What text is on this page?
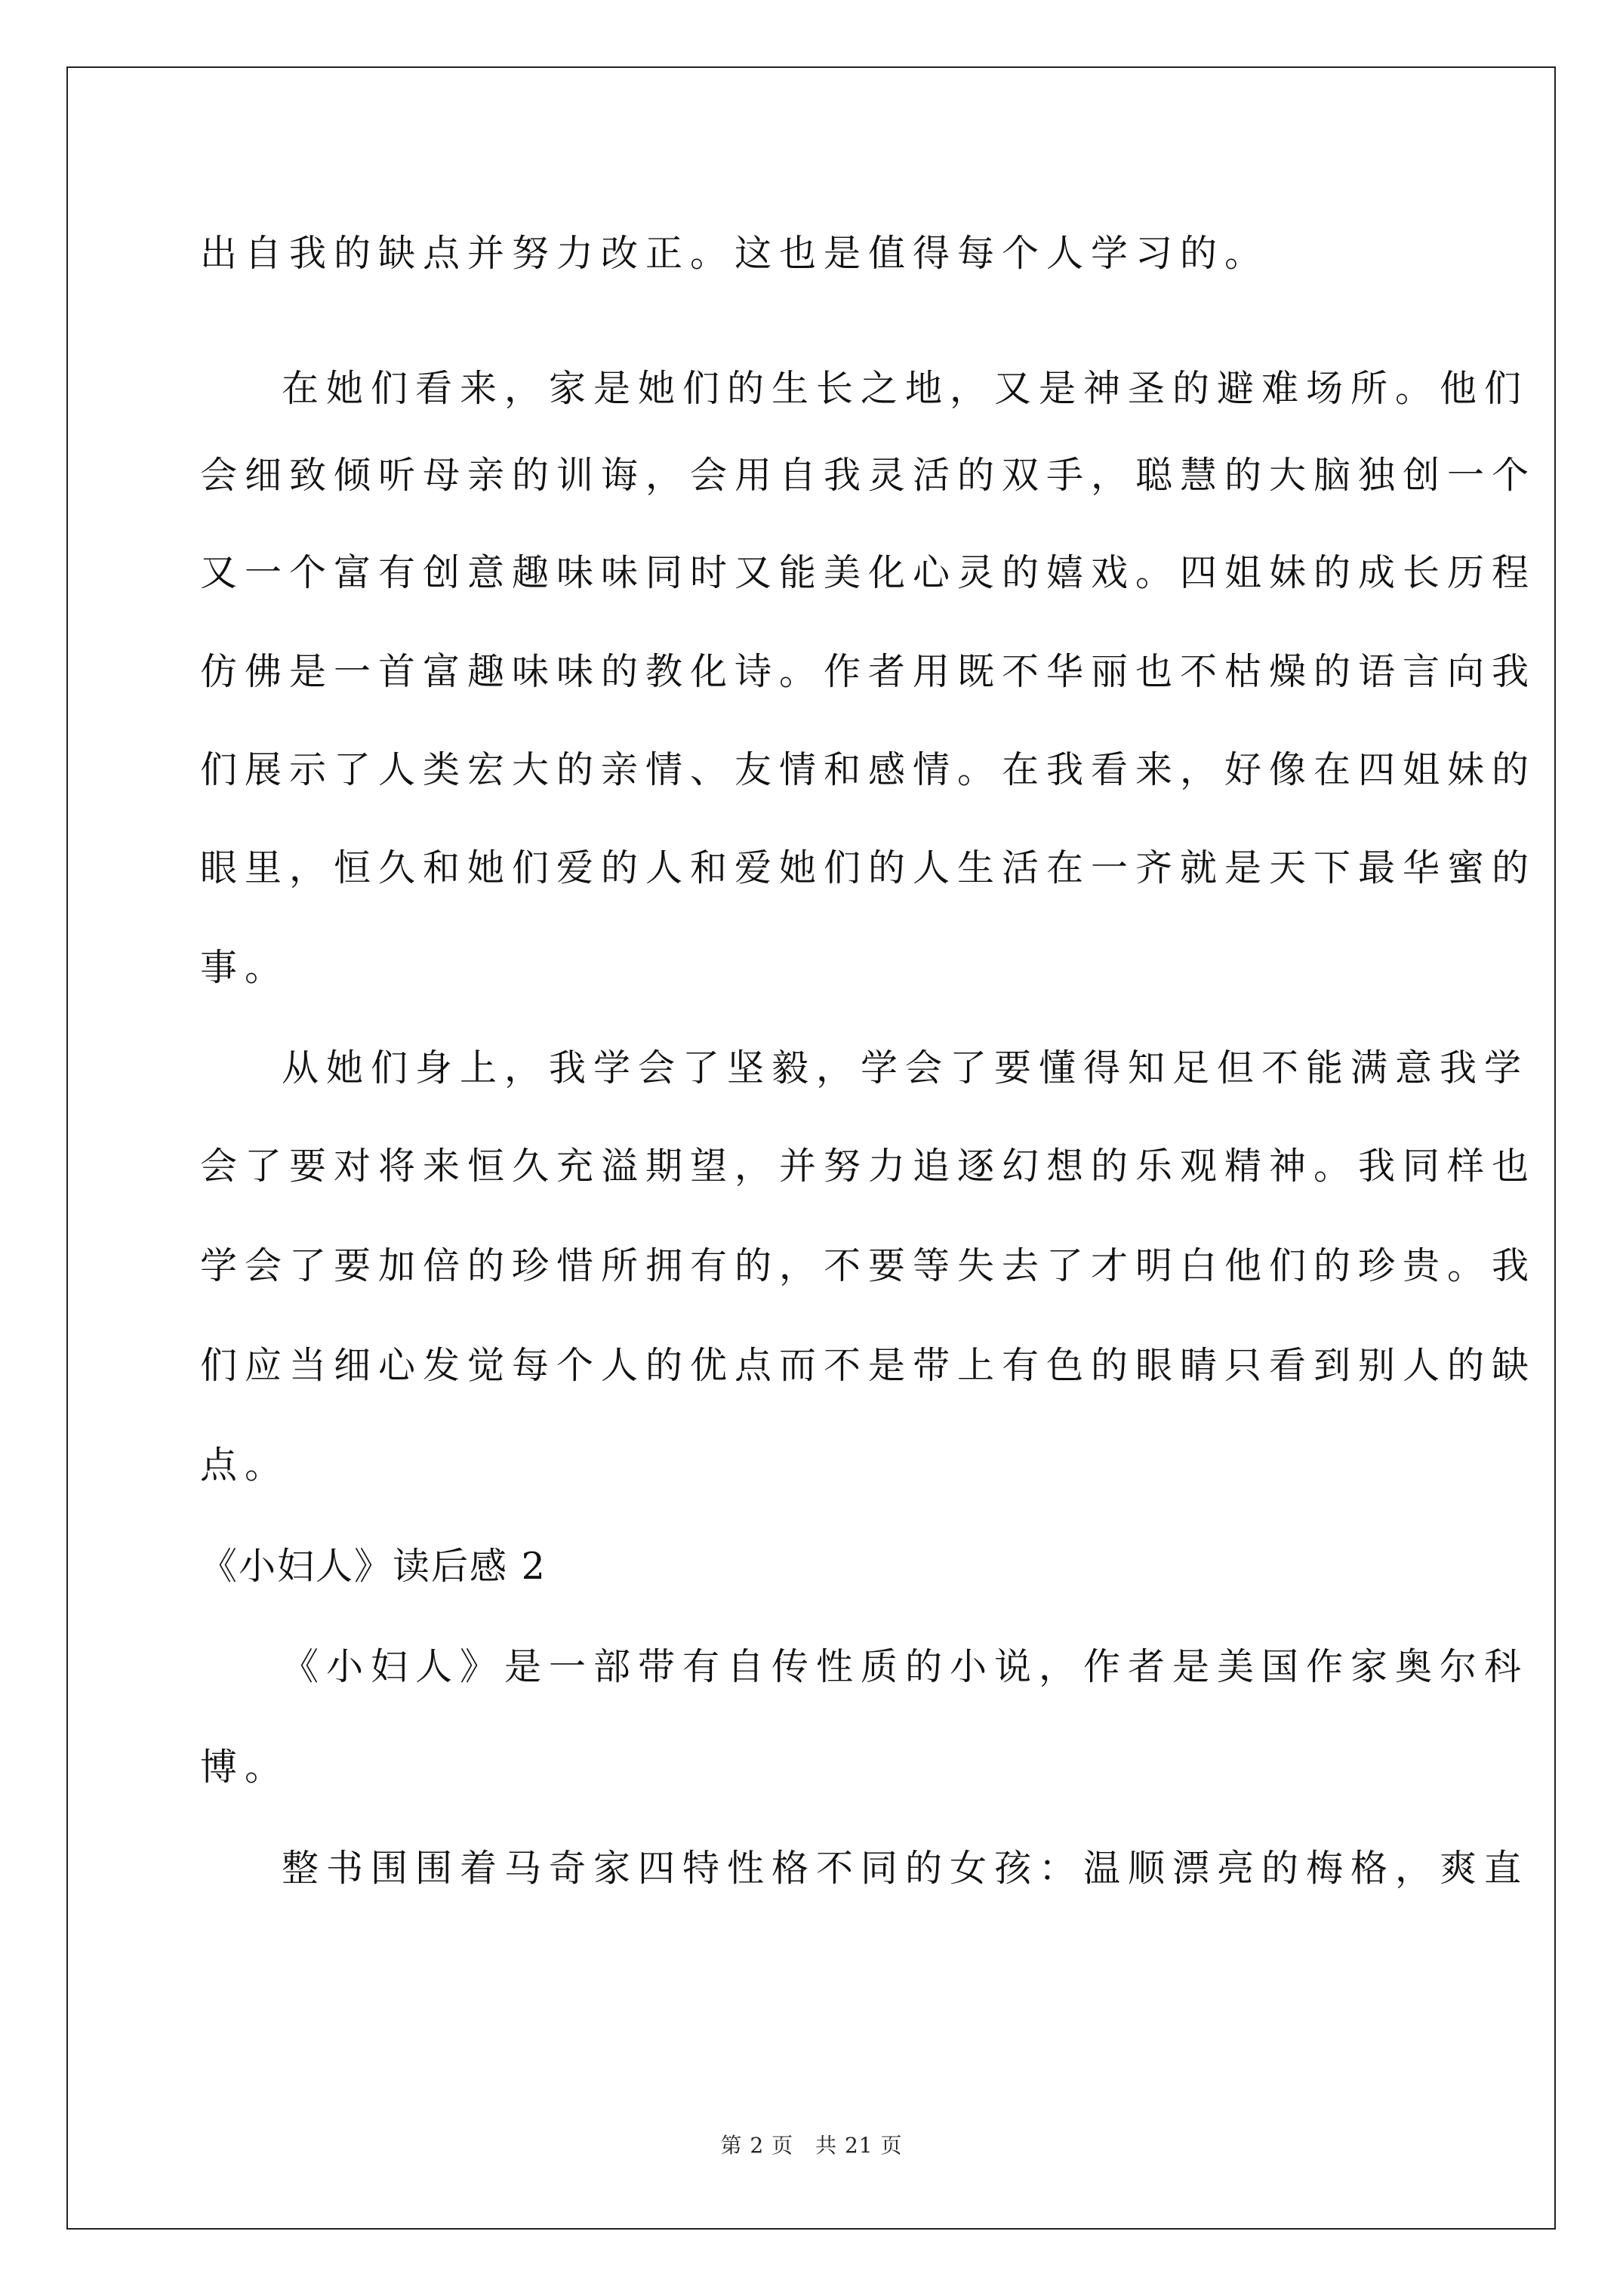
出自我的缺点并努力改正。这也是值得每个人学习的。
在她们看来，家是她们的生长之地，又是神圣的避难场所。他们
会细致倾听母亲的训诲，会用自我灵活的双手，聪慧的大脑独创一个
又一个富有创意趣味味同时又能美化心灵的嬉戏。四姐妹的成长历程
仿佛是一首富趣味味的教化诗。作者用既不华丽也不枯燥的语言向我
们展示了人类宏大的亲情、友情和感情。在我看来，好像在四姐妹的
眼里，恒久和她们爱的人和爱她们的人生活在一齐就是天下最华蜜的
事。
从她们身上，我学会了坚毅，学会了要懂得知足但不能满意我学
会了要对将来恒久充溢期望，并努力追逐幻想的乐观精神。我同样也
学会了要加倍的珍惜所拥有的，不要等失去了才明白他们的珍贵。我
们应当细心发觉每个人的优点而不是带上有色的眼睛只看到别人的缺
点。
《小妇人》读后感 2
《小妇人》是一部带有自传性质的小说，作者是美国作家奥尔科
博。
整书围围着马奇家四特性格不同的女孩：温顺漂亮的梅格，爽直
第 2 页　共 21 页
